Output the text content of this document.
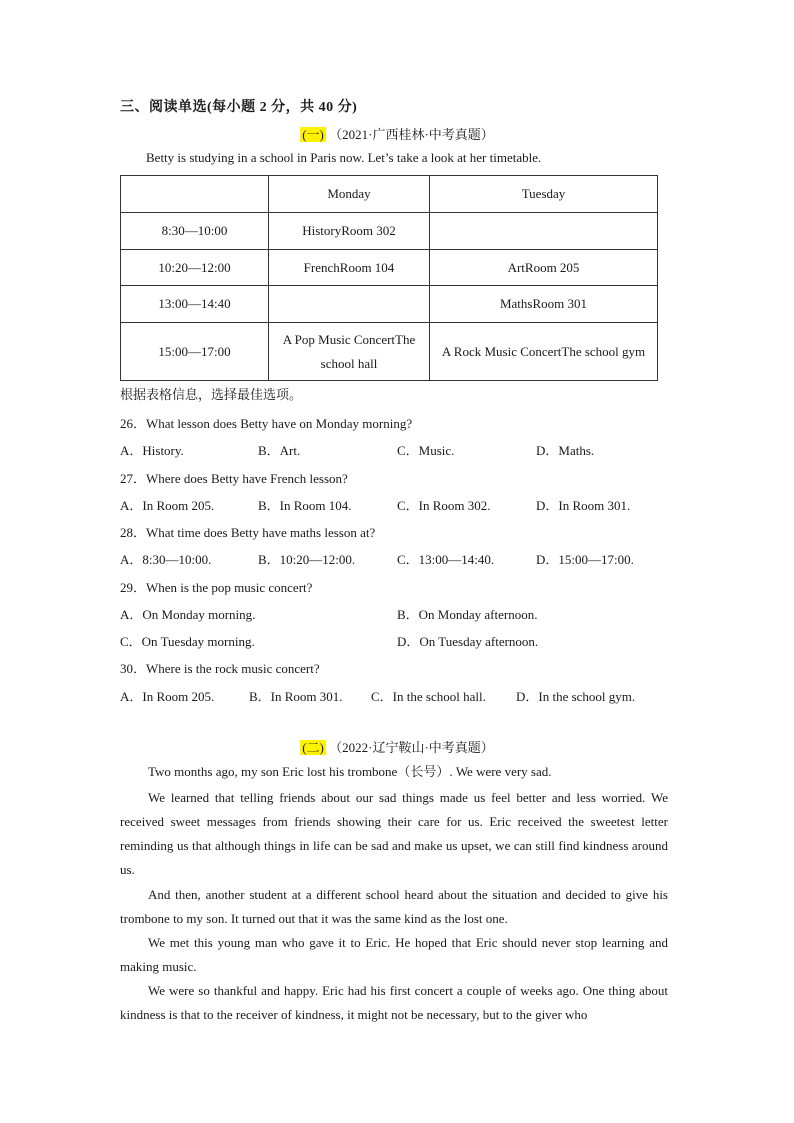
三、阅读单选(每小题 2 分，共 40 分)
(一) （2021·广西桂林·中考真题）
Betty is studying in a school in Paris now. Let’s take a look at her timetable.
	Monday	Tuesday
8:30—10:00	HistoryRoom 302	
10:20—12:00	FrenchRoom 104	ArtRoom 205
13:00—14:40		MathsRoom 301
15:00—17:00	A Pop Music ConcertThe school hall	A Rock Music ConcertThe school gym
根据表格信息，选择最佳选项。
26．What lesson does Betty have on Monday morning?
A．History.	B．Art.	C．Music.	D．Maths.
27．Where does Betty have French lesson?
A．In Room 205.	B．In Room 104.	C．In Room 302.	D．In Room 301.
28．What time does Betty have maths lesson at?
A．8:30—10:00.	B．10:20—12:00.	C．13:00—14:40.	D．15:00—17:00.
29．When is the pop music concert?
A．On Monday morning.	B．On Monday afternoon.
C．On Tuesday morning.	D．On Tuesday afternoon.
30．Where is the rock music concert?
A．In Room 205.	B．In Room 301. C．In the school hall. D．In the school gym.
(二) （2022·辽宁鞍山·中考真题）

Two months ago, my son Eric lost his trombone（长号）. We were very sad.

We learned that telling friends about our sad things made us feel better and less worried. We received sweet messages from friends showing their care for us. Eric received the sweetest letter reminding us that although things in life can be sad and make us upset, we can still find kindness around us.

And then, another student at a different school heard about the situation and decided to give his trombone to my son. It turned out that it was the same kind as the lost one.

We met this young man who gave it to Eric. He hoped that Eric should never stop learning and making music.

We were so thankful and happy. Eric had his first concert a couple of weeks ago. One thing about kindness is that to the receiver of kindness, it might not be necessary, but to the giver who
